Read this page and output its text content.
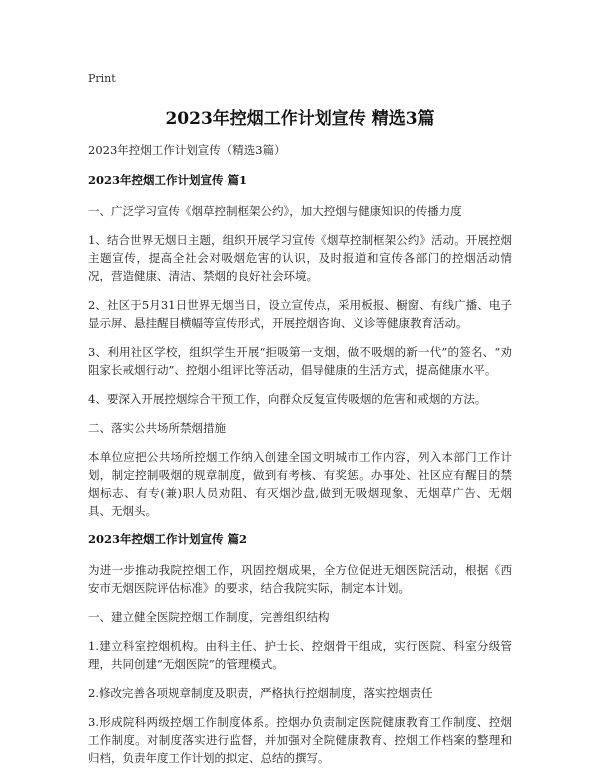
Print
2023年控烟工作计划宣传 精选3篇
2023年控烟工作计划宣传（精选3篇）
2023年控烟工作计划宣传 篇1

一、广泛学习宣传《烟草控制框架公约》，加大控烟与健康知识的传播力度

1、结合世界无烟日主题，组织开展学习宣传《烟草控制框架公约》活动。开展控烟主题宣传，提高全社会对吸烟危害的认识，及时报道和宣传各部门的控烟活动情况，营造健康、清洁、禁烟的良好社会环境。

2、社区于5月31日世界无烟当日，设立宣传点，采用板报、橱窗、有线广播、电子显示屏、悬挂醒目横幅等宣传形式，开展控烟咨询、义诊等健康教育活动。

3、利用社区学校，组织学生开展“拒吸第一支烟，做不吸烟的新一代”的签名、“劝阻家长戒烟行动”、控烟小组评比等活动，倡导健康的生活方式，提高健康水平。

4、要深入开展控烟综合干预工作，向群众反复宣传吸烟的危害和戒烟的方法。

二、落实公共场所禁烟措施

本单位应把公共场所控烟工作纳入创建全国文明城市工作内容，列入本部门工作计划，制定控制吸烟的规章制度，做到有考核、有奖惩。办事处、社区应有醒目的禁烟标志、有专(兼)职人员劝阻、有灭烟沙盘,做到无吸烟现象、无烟草广告、无烟具、无烟头。

2023年控烟工作计划宣传 篇2

为进一步推动我院控烟工作，巩固控烟成果，全方位促进无烟医院活动，根据《西安市无烟医院评估标准》的要求，结合我院实际，制定本计划。

一、建立健全医院控烟工作制度，完善组织结构

1.建立科室控烟机构。由科主任、护士长、控烟骨干组成，实行医院、科室分级管理，共同创建“无烟医院”的管理模式。

2.修改完善各项规章制度及职责，严格执行控烟制度，落实控烟责任

3.形成院科两级控烟工作制度体系。控烟办负责制定医院健康教育工作制度、控烟工作制度。对制度落实进行监督，并加强对全院健康教育、控烟工作档案的整理和归档，负责年度工作计划的拟定、总结的撰写。
